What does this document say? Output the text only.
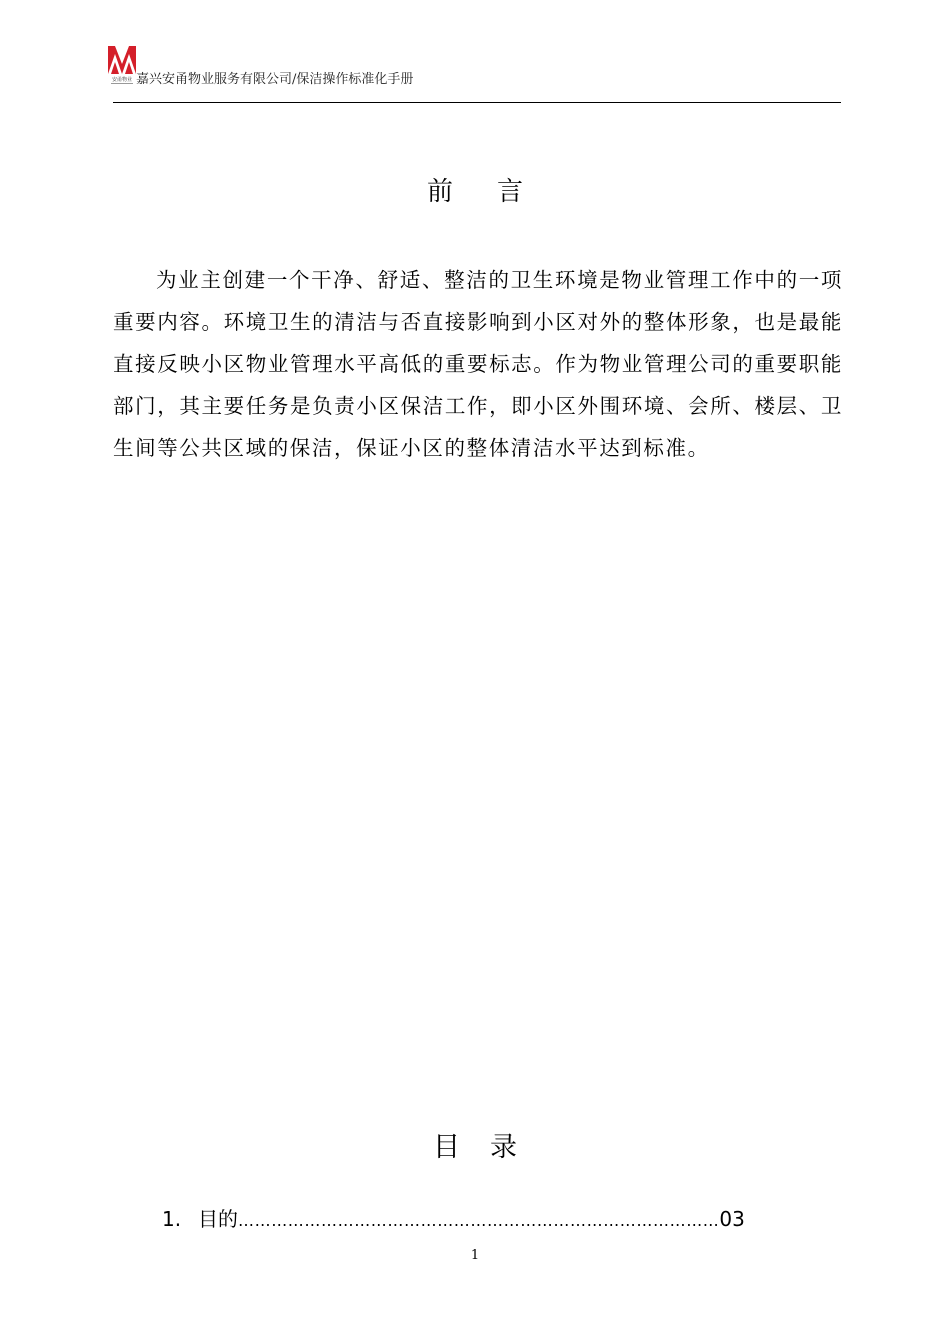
安甬物业 嘉兴安甬物业服务有限公司/保洁操作标准化手册
前言
为业主创建一个干净、舒适、整洁的卫生环境是物业管理工作中的一项重要内容。环境卫生的清洁与否直接影响到小区对外的整体形象，也是最能直接反映小区物业管理水平高低的重要标志。作为物业管理公司的重要职能部门，其主要任务是负责小区保洁工作，即小区外围环境、会所、楼层、卫生间等公共区域的保洁，保证小区的整体清洁水平达到标准。
目录
1. 目的 …………………………………………………………………………… 03
1
